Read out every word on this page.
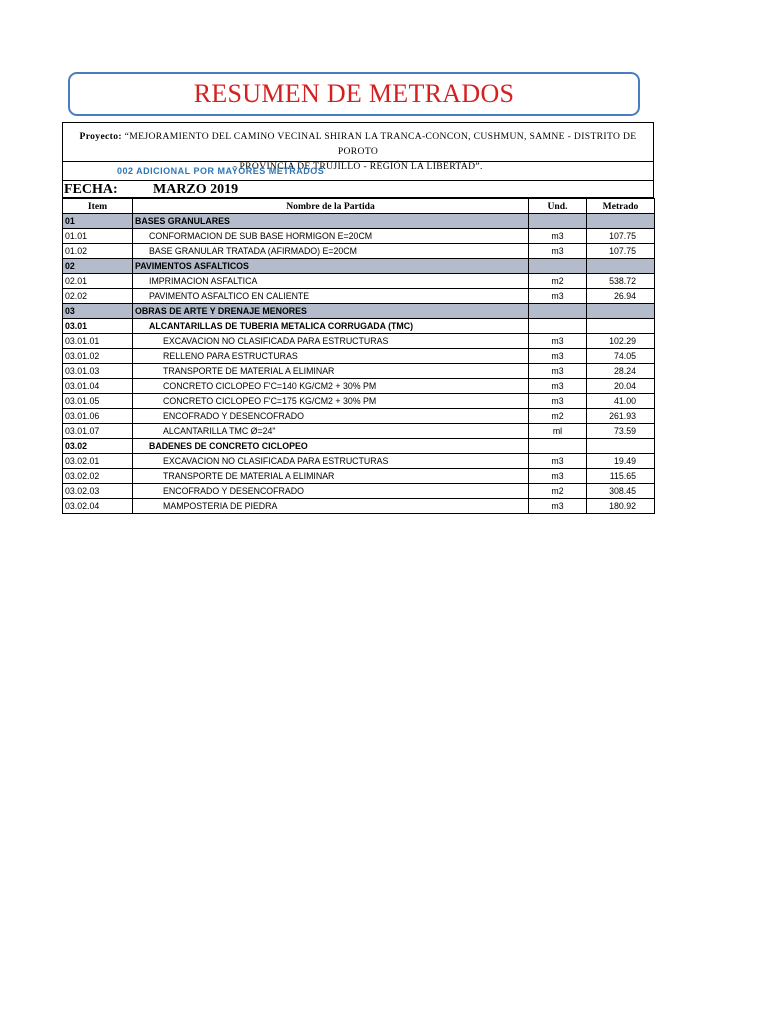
RESUMEN DE METRADOS
Proyecto: “MEJORAMIENTO DEL CAMINO VECINAL SHIRAN LA TRANCA-CONCON, CUSHMUN, SAMNE - DISTRITO DE POROTO
- PROVINCIA DE TRUJILLO - REGIÓN LA LIBERTAD”.
002 ADICIONAL POR MAYORES METRADOS
FECHA:	MARZO 2019
Item	Nombre de la Partida	Und.	Metrado
01	BASES GRANULARES		
01.01	CONFORMACION DE SUB BASE HORMIGON E=20CM	m3	107.75
01.02	BASE GRANULAR TRATADA (AFIRMADO) E=20CM	m3	107.75
02	PAVIMENTOS ASFALTICOS		
02.01	IMPRIMACION ASFALTICA	m2	538.72
02.02	PAVIMENTO ASFALTICO EN CALIENTE	m3	26.94
03	OBRAS DE ARTE Y DRENAJE MENORES		
03.01	ALCANTARILLAS DE TUBERIA METALICA CORRUGADA (TMC)		
03.01.01	EXCAVACION NO CLASIFICADA PARA ESTRUCTURAS	m3	102.29
03.01.02	RELLENO PARA ESTRUCTURAS	m3	74.05
03.01.03	TRANSPORTE DE MATERIAL A ELIMINAR	m3	28.24
03.01.04	CONCRETO CICLOPEO F'C=140 KG/CM2 + 30% PM	m3	20.04
03.01.05	CONCRETO CICLOPEO F'C=175 KG/CM2 + 30% PM	m3	41.00
03.01.06	ENCOFRADO Y DESENCOFRADO	m2	261.93
03.01.07	ALCANTARILLA TMC Ø=24"	ml	73.59
03.02	BADENES DE CONCRETO CICLOPEO		
03.02.01	EXCAVACION NO CLASIFICADA PARA ESTRUCTURAS	m3	19.49
03.02.02	TRANSPORTE DE MATERIAL A ELIMINAR	m3	115.65
03.02.03	ENCOFRADO Y DESENCOFRADO	m2	308.45
03.02.04	MAMPOSTERIA DE PIEDRA	m3	180.92
